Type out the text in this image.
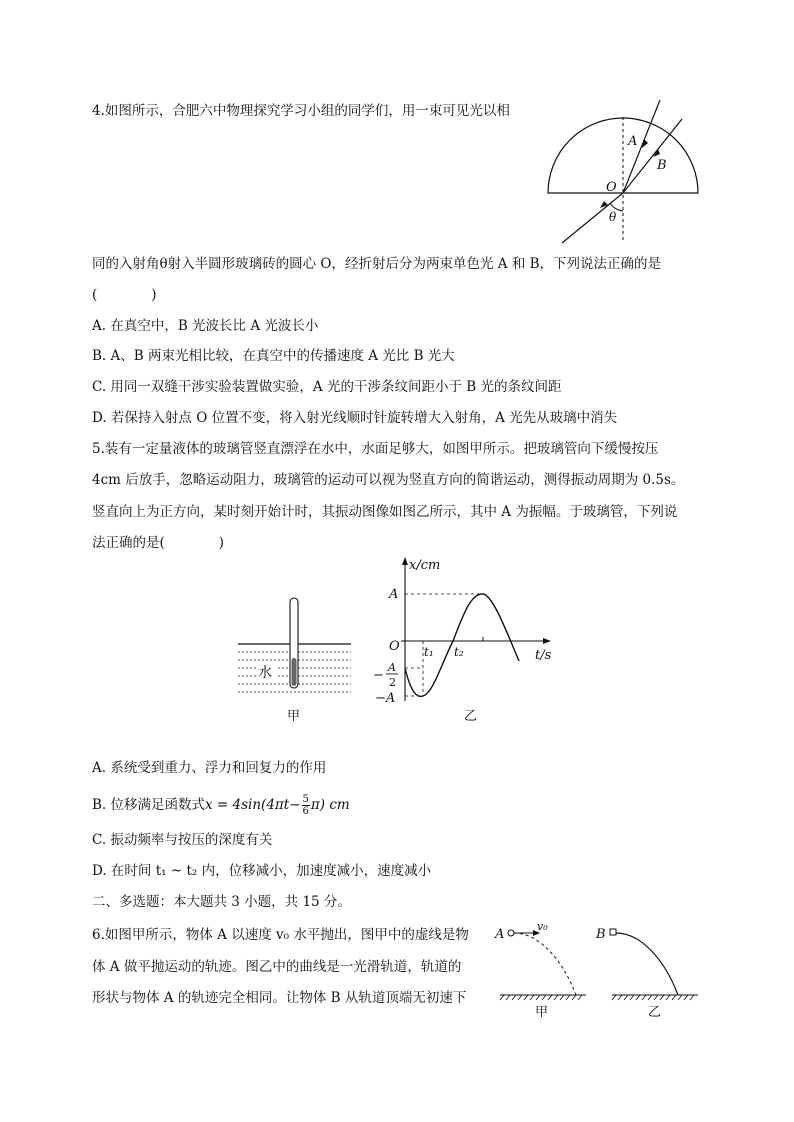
4.如图所示，合肥六中物理探究学习小组的同学们，用一束可见光以相
A
B
O
θ
同的入射角θ射入半圆形玻璃砖的圆心 O，经折射后分为两束单色光 A 和 B，下列说法正确的是
(　　　　)
A. 在真空中，B 光波长比 A 光波长小
B. A、B 两束光相比较，在真空中的传播速度 A 光比 B 光大
C. 用同一双缝干涉实验装置做实验，A 光的干涉条纹间距小于 B 光的条纹间距
D. 若保持入射点 O 位置不变，将入射光线顺时针旋转增大入射角，A 光先从玻璃中消失
5.装有一定量液体的玻璃管竖直漂浮在水中，水面足够大，如图甲所示。把玻璃管向下缓慢按压
4cm 后放手，忽略运动阻力，玻璃管的运动可以视为竖直方向的简谐运动，测得振动周期为 0.5s。
竖直向上为正方向，某时刻开始计时，其振动图像如图乙所示，其中 A 为振幅。于玻璃管，下列说
法正确的是(　　　　)
水
甲
x/cm
t/s
O
A
−
A
2
−A
t₁ t₂
乙
A. 系统受到重力、浮力和回复力的作用
B. 位移满足函数式$x = 4\sin(4\pi t- \frac{5}{6} \pi)$ cm
C. 振动频率与按压的深度有关
D. 在时间 t₁ ~ t₂ 内，位移减小，加速度减小，速度减小
二、多选题：本大题共 3 小题，共 15 分。
6.如图甲所示，物体 A 以速度 v₀ 水平抛出，图甲中的虚线是物
体 A 做平抛运动的轨迹。图乙中的曲线是一光滑轨道，轨道的
形状与物体 A 的轨迹完全相同。让物体 B 从轨道顶端无初速下
A
v₀
甲
B
乙
